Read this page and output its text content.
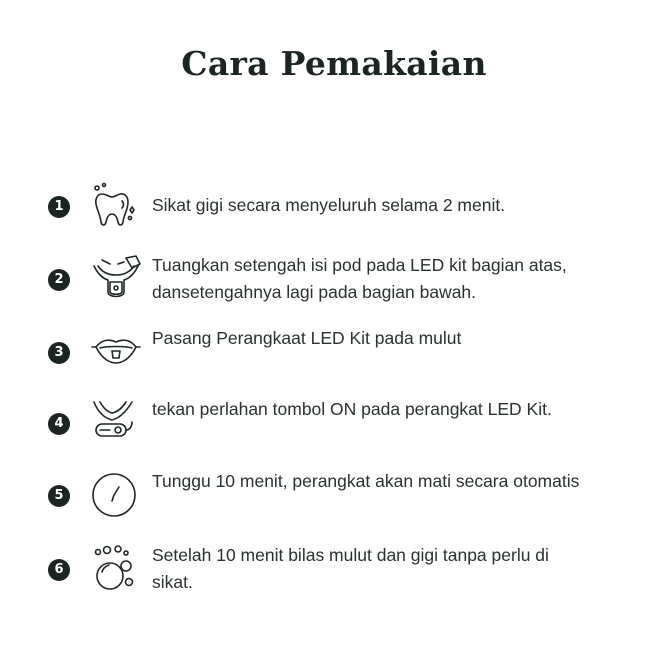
Cara Pemakaian
1	Sikat gigi secara menyeluruh selama 2 menit.
2
Tuangkan setengah isi pod pada LED kit bagian atas, dansetengahnya lagi pada bagian bawah.
3
Pasang Perangkaat LED Kit pada mulut
4
tekan perlahan tombol ON pada perangkat LED Kit.
5
Tunggu 10 menit, perangkat akan mati secara otomatis
6
Setelah 10 menit bilas mulut dan gigi tanpa perlu di sikat.
